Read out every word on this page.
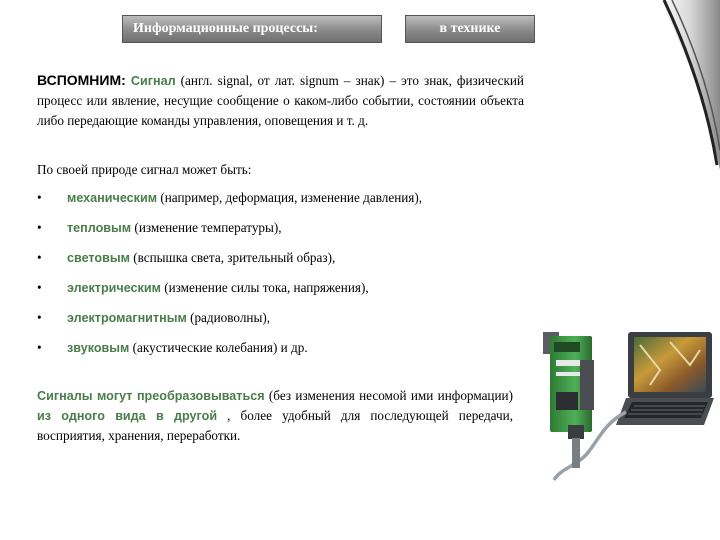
Информационные процессы:	в технике

ВСПОМНИМ: Сигнал (англ. signal, от лат. signum – знак) – это знак, физический процесс или явление, несущие сообщение о каком-либо событии, состоянии объекта либо передающие команды управления, оповещения и т. д.

По своей природе сигнал может быть:
• механическим (например, деформация, изменение давления),
• тепловым (изменение температуры),
• световым (вспышка света, зрительный образ),
• электрическим (изменение силы тока, напряжения),
• электромагнитным (радиоволны),
• звуковым (акустические колебания) и др.

Сигналы могут преобразовываться (без изменения несомой ими информации) из одного вида в другой , более удобный для последующей передачи, восприятия, хранения, переработки.
